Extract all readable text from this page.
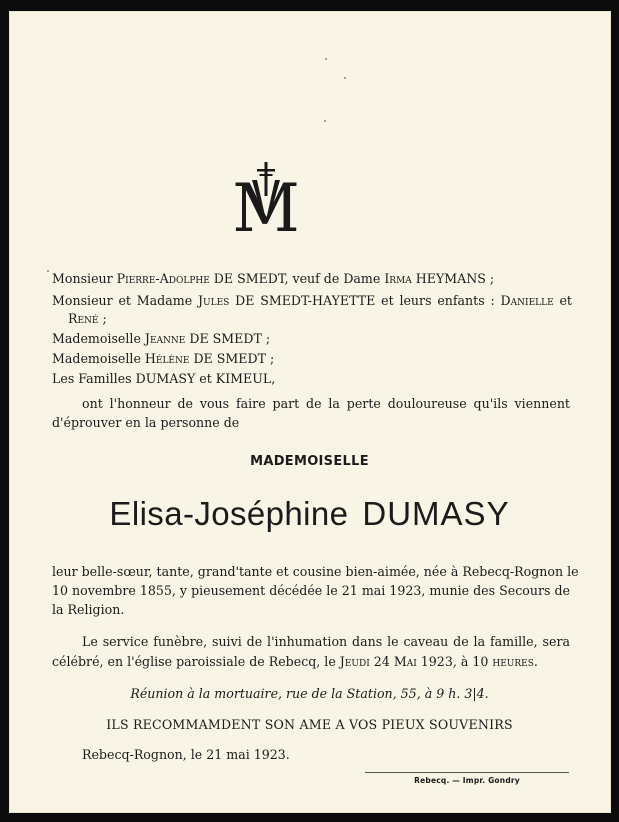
M
Monsieur Pierre-Adolphe DE SMEDT, veuf de Dame Irma HEYMANS ;
Monsieur et Madame Jules DE SMEDT-HAYETTE et leurs enfants : Danielle et
René ;
Mademoiselle Jeanne DE SMEDT ;
Mademoiselle Hélène DE SMEDT ;
Les Familles DUMASY et KIMEUL,
ont l'honneur de vous faire part de la perte douloureuse qu'ils viennent
d'éprouver en la personne de
MADEMOISELLE
Elisa-Joséphine DUMASY
leur belle-sœur, tante, grand'tante et cousine bien-aimée, née à Rebecq-Rognon le
10 novembre 1855, y pieusement décédée le 21 mai 1923, munie des Secours de
la Religion.
Le service funèbre, suivi de l'inhumation dans le caveau de la famille, sera
célébré, en l'église paroissiale de Rebecq, le Jeudi 24 Mai 1923, à 10 heures.
Réunion à la mortuaire, rue de la Station, 55, à 9 h. 3|4.
ILS RECOMMAMDENT SON AME A VOS PIEUX SOUVENIRS
Rebecq-Rognon, le 21 mai 1923.
Rebecq. — Impr. Gondry
